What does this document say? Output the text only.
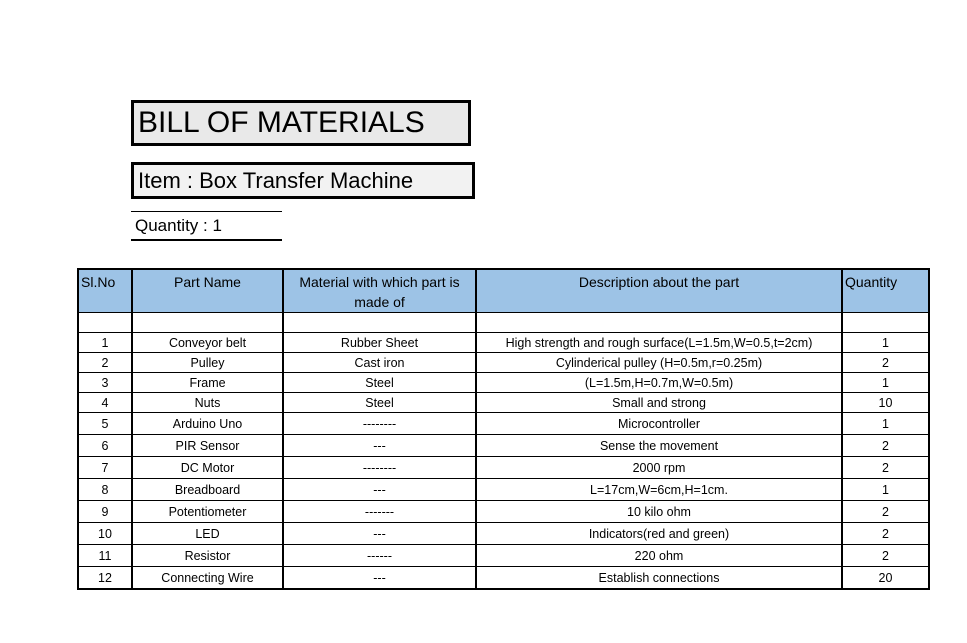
BILL OF MATERIALS
Item : Box Transfer Machine
Quantity : 1
Sl.No	Part Name	Material with which part is made of	Description about the part	Quantity

1	Conveyor belt	Rubber Sheet	High strength and rough surface(L=1.5m,W=0.5,t=2cm)	1
2	Pulley	Cast iron	Cylinderical pulley (H=0.5m,r=0.25m)	2
3	Frame	Steel	(L=1.5m,H=0.7m,W=0.5m)	1
4	Nuts	Steel	Small and strong	10
5	Arduino Uno	--------	Microcontroller	1
6	PIR Sensor	---	Sense the movement	2
7	DC Motor	--------	2000 rpm	2
8	Breadboard	---	L=17cm,W=6cm,H=1cm.	1
9	Potentiometer	-------	10 kilo ohm	2
10	LED	---	Indicators(red and green)	2
11	Resistor	------	220 ohm	2
12	Connecting Wire	---	Establish connections	20
